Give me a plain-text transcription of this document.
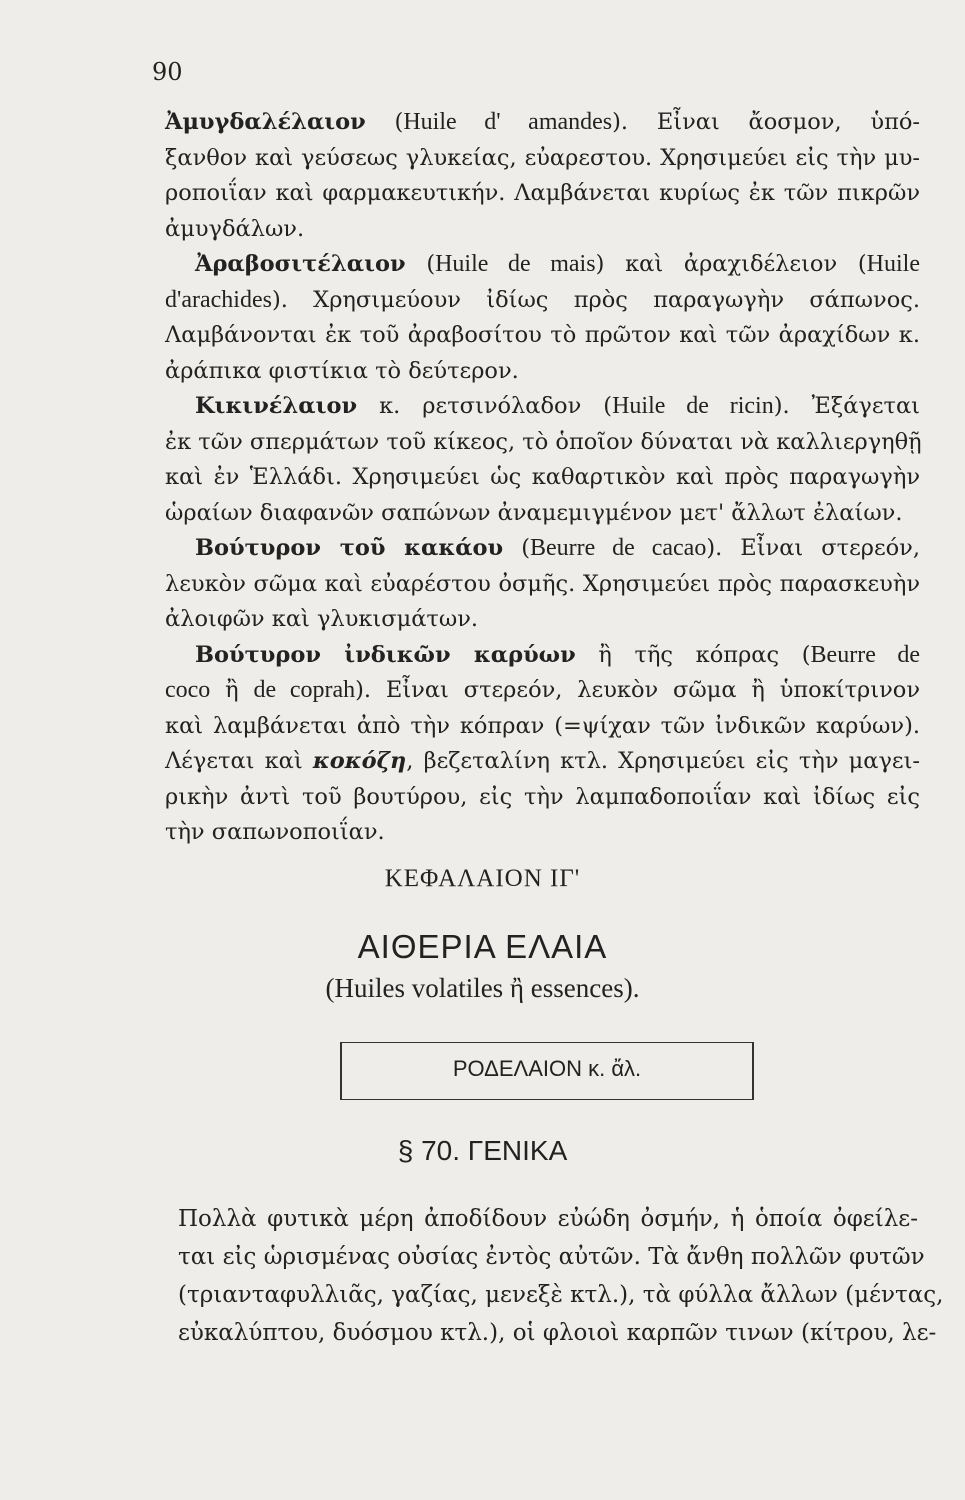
90
Ἀμυγδαλέλαιον (Huile d' amandes). Εἶναι ἄοσμον, ὑπό-
ξανθον καὶ γεύσεως γλυκείας, εὐαρεστου. Χρησιμεύει εἰς τὴν μυ-
ροποιΐαν καὶ φαρμακευτικήν. Λαμβάνεται κυρίως ἐκ τῶν πικρῶν
ἀμυγδάλων.
Ἀραβοσιτέλαιον (Huile de mais) καὶ ἀραχιδέλειον (Huile
d'arachides). Χρησιμεύουν ἰδίως πρὸς παραγωγὴν σάπωνος.
Λαμβάνονται ἐκ τοῦ ἀραβοσίτου τὸ πρῶτον καὶ τῶν ἀραχίδων κ.
ἀράπικα φιστίκια τὸ δεύτερον.
Κικινέλαιον κ. ρετσινόλαδον (Huile de ricin). Ἐξάγεται
ἐκ τῶν σπερμάτων τοῦ κίκεος, τὸ ὁποῖον δύναται νὰ καλλιεργηθῇ
καὶ ἐν Ἑλλάδι. Χρησιμεύει ὡς καθαρτικὸν καὶ πρὸς παραγωγὴν
ὡραίων διαφανῶν σαπώνων ἀναμεμιγμένον μετ' ἄλλωτ ἐλαίων.
Βούτυρον τοῦ κακάου (Beurre de cacao). Εἶναι στερεόν,
λευκὸν σῶμα καὶ εὐαρέστου ὀσμῆς. Χρησιμεύει πρὸς παρασκευὴν
ἀλοιφῶν καὶ γλυκισμάτων.
Βούτυρον ἰνδικῶν καρύων ἢ τῆς κόπρας (Beurre de
coco ἢ de coprah). Εἶναι στερεόν, λευκὸν σῶμα ἢ ὑποκίτρινον
καὶ λαμβάνεται ἀπὸ τὴν κόπραν (=ψίχαν τῶν ἰνδικῶν καρύων).
Λέγεται καὶ κοκόζη, βεζεταλίνη κτλ. Χρησιμεύει εἰς τὴν μαγει-
ρικὴν ἀντὶ τοῦ βουτύρου, εἰς τὴν λαμπαδοποιΐαν καὶ ἰδίως εἰς
τὴν σαπωνοποιΐαν.
ΚΕΦΑΛΑΙΟΝ ΙΓ'
ΑΙΘΕΡΙΑ ΕΛΑΙΑ
(Huiles volatiles ἢ essences).
ΡΟΔΕΛΑΙΟΝ κ. ἄλ.
§ 70. ΓΕΝΙΚΑ
Πολλὰ φυτικὰ μέρη ἀποδίδουν εὐώδη ὀσμήν, ἡ ὁποία ὀφείλε-
ται εἰς ὡρισμένας οὐσίας ἐντὸς αὐτῶν. Τὰ ἄνθη πολλῶν φυτῶν
(τριανταφυλλιᾶς, γαζίας, μενεξὲ κτλ.), τὰ φύλλα ἄλλων (μέντας,
εὐκαλύπτου, δυόσμου κτλ.), οἱ φλοιοὶ καρπῶν τινων (κίτρου, λε-
